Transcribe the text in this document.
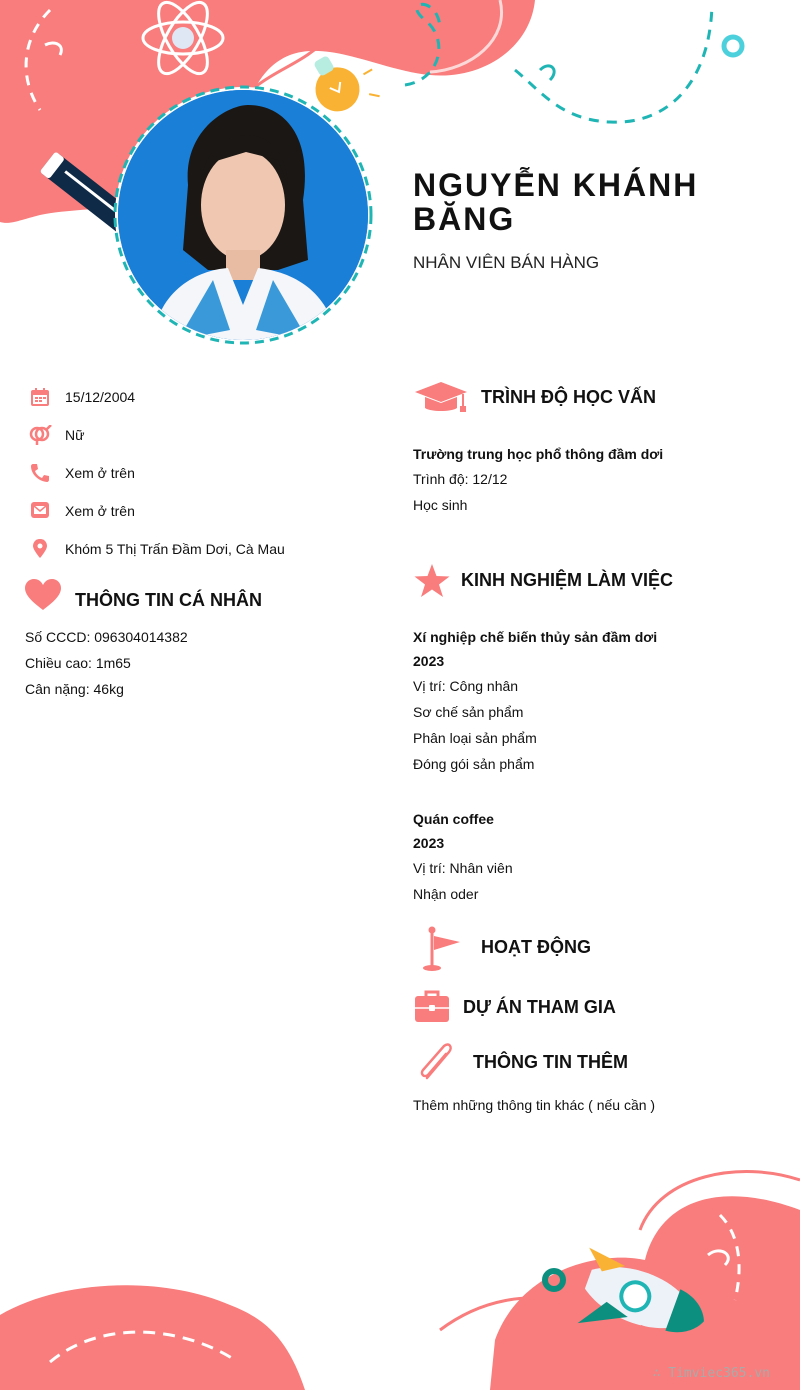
NGUYỄN KHÁNH BĂNG
NHÂN VIÊN BÁN HÀNG
15/12/2004
Nữ
Xem ở trên
Xem ở trên
Khóm 5 Thị Trấn Đầm Dơi, Cà Mau
THÔNG TIN CÁ NHÂN
Số CCCD: 096304014382
Chiều cao: 1m65
Cân nặng: 46kg
TRÌNH ĐỘ HỌC VẤN
Trường trung học phổ thông đầm dơi
Trình độ: 12/12
Học sinh
KINH NGHIỆM LÀM VIỆC
Xí nghiệp chế biến thủy sản đầm dơi
2023
Vị trí: Công nhân
Sơ chế sản phẩm
Phân loại sản phẩm
Đóng gói sản phẩm
Quán coffee
2023
Vị trí: Nhân viên
Nhận oder
HOẠT ĐỘNG
DỰ ÁN THAM GIA
THÔNG TIN THÊM
Thêm những thông tin khác ( nếu cần )
∴ Timviec365.vn
